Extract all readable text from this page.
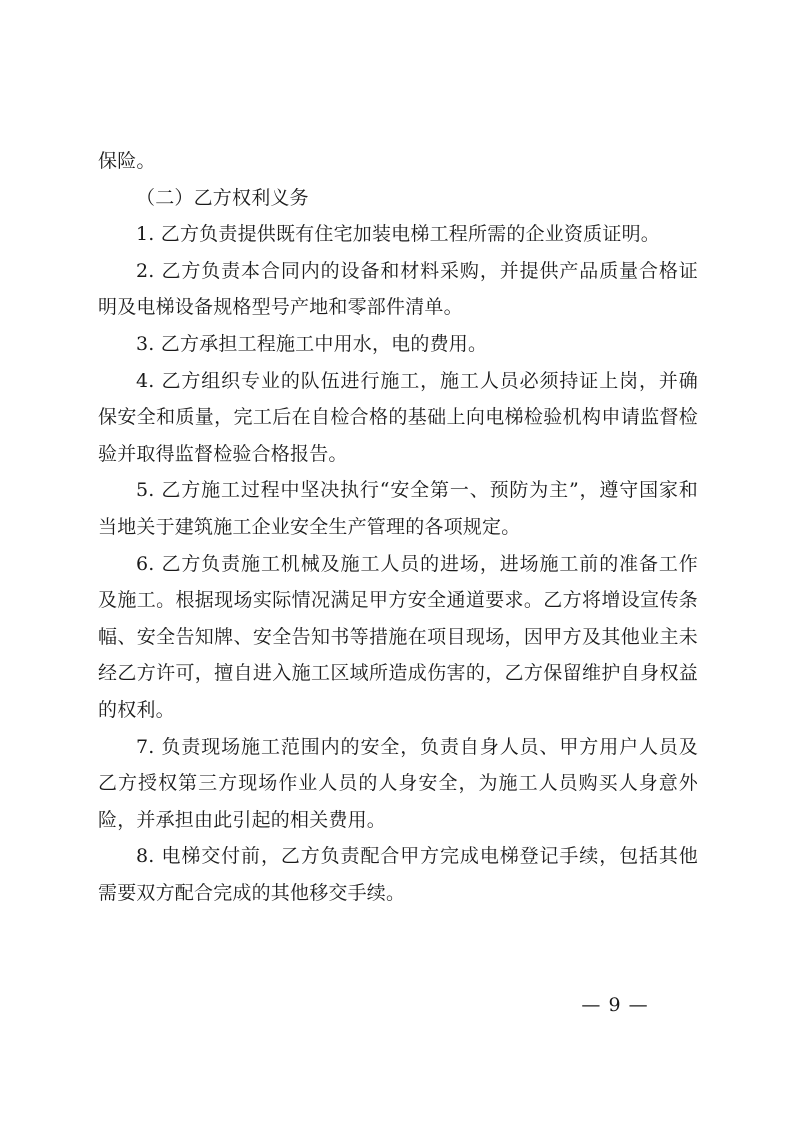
保险。

（二）乙方权利义务

1. 乙方负责提供既有住宅加装电梯工程所需的企业资质证明。

2. 乙方负责本合同内的设备和材料采购，并提供产品质量合格证明及电梯设备规格型号产地和零部件清单。

3. 乙方承担工程施工中用水，电的费用。

4. 乙方组织专业的队伍进行施工，施工人员必须持证上岗，并确保安全和质量，完工后在自检合格的基础上向电梯检验机构申请监督检验并取得监督检验合格报告。

5. 乙方施工过程中坚决执行“安全第一、预防为主”，遵守国家和当地关于建筑施工企业安全生产管理的各项规定。

6. 乙方负责施工机械及施工人员的进场，进场施工前的准备工作及施工。根据现场实际情况满足甲方安全通道要求。乙方将增设宣传条幅、安全告知牌、安全告知书等措施在项目现场，因甲方及其他业主未经乙方许可，擅自进入施工区域所造成伤害的，乙方保留维护自身权益的权利。

7. 负责现场施工范围内的安全，负责自身人员、甲方用户人员及乙方授权第三方现场作业人员的人身安全，为施工人员购买人身意外险，并承担由此引起的相关费用。

8. 电梯交付前，乙方负责配合甲方完成电梯登记手续，包括其他需要双方配合完成的其他移交手续。

— 9 —
